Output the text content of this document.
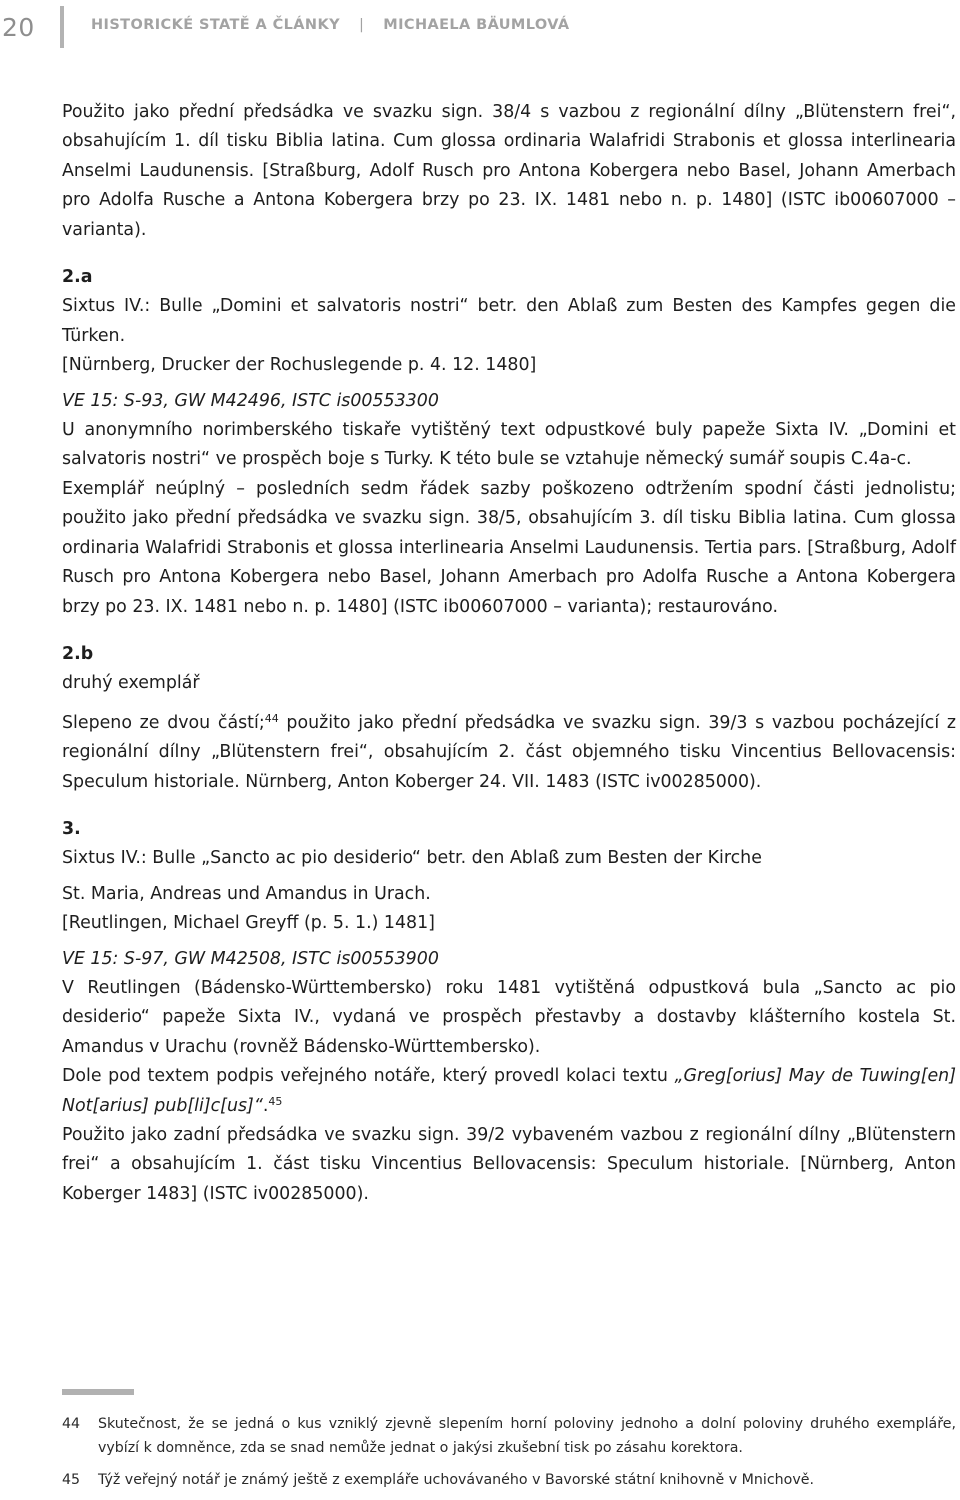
20	HISTORICKÉ STATĚ A ČLÁNKY | MICHAELA BÄUMLOVÁ

Použito jako přední předsádka ve svazku sign. 38/4 s vazbou z regionální dílny „Blütenstern frei“, obsahujícím 1. díl tisku Biblia latina. Cum glossa ordinaria Walafridi Strabonis et glossa interlinearia Anselmi Laudunensis. [Straßburg, Adolf Rusch pro Antona Kobergera nebo Basel, Johann Amerbach pro Adolfa Rusche a Antona Kobergera brzy po 23. IX. 1481 nebo n. p. 1480] (ISTC ib00607000 – varianta).

2.a

Sixtus IV.: Bulle „Domini et salvatoris nostri“ betr. den Ablaß zum Besten des Kampfes gegen die Türken.

[Nürnberg, Drucker der Rochuslegende p. 4. 12. 1480]

VE 15: S-93, GW M42496, ISTC is00553300

U anonymního norimberského tiskaře vytištěný text odpustkové buly papeže Sixta IV. „Domini et salvatoris nostri“ ve prospěch boje s Turky. K této bule se vztahuje německý sumář soupis C.4a-c.

Exemplář neúplný – posledních sedm řádek sazby poškozeno odtržením spodní části jednolistu; použito jako přední předsádka ve svazku sign. 38/5, obsahujícím 3. díl tisku Biblia latina. Cum glossa ordinaria Walafridi Strabonis et glossa interlinearia Anselmi Laudunensis. Tertia pars. [Straßburg, Adolf Rusch pro Antona Kobergera nebo Basel, Johann Amerbach pro Adolfa Rusche a Antona Kobergera brzy po 23. IX. 1481 nebo n. p. 1480] (ISTC ib00607000 – varianta); restaurováno.

2.b

druhý exemplář

Slepeno ze dvou částí;$^{44}$ použito jako přední předsádka ve svazku sign. 39/3 s vazbou pocházející z regionální dílny „Blütenstern frei“, obsahujícím 2. část objemného tisku Vincentius Bellovacensis: Speculum historiale. Nürnberg, Anton Koberger 24. VII. 1483 (ISTC iv00285000).

3.

Sixtus IV.: Bulle „Sancto ac pio desiderio“ betr. den Ablaß zum Besten der Kirche

St. Maria, Andreas und Amandus in Urach.

[Reutlingen, Michael Greyff (p. 5. 1.) 1481]

VE 15: S-97, GW M42508, ISTC is00553900

V Reutlingen (Bádensko-Württembersko) roku 1481 vytištěná odpustková bula „Sancto ac pio desiderio“ papeže Sixta IV., vydaná ve prospěch přestavby a dostavby klášterního kostela St. Amandus v Urachu (rovněž Bádensko-Württembersko).

Dole pod textem podpis veřejného notáře, který provedl kolaci textu „Greg[orius] May de Tuwing[en] Not[arius] pub[li]c[us]“.$^{45}$

Použito jako zadní předsádka ve svazku sign. 39/2 vybaveném vazbou z regionální dílny „Blütenstern frei“ a obsahujícím 1. část tisku Vincentius Bellovacensis: Speculum historiale. [Nürnberg, Anton Koberger 1483] (ISTC iv00285000).

44 Skutečnost, že se jedná o kus vzniklý zjevně slepením horní poloviny jednoho a dolní poloviny druhého exempláře, vybízí k domněnce, zda se snad nemůže jednat o jakýsi zkušební tisk po zásahu korektora.
45 Týž veřejný notář je známý ještě z exempláře uchovávaného v Bavorské státní knihovně v Mnichově.
